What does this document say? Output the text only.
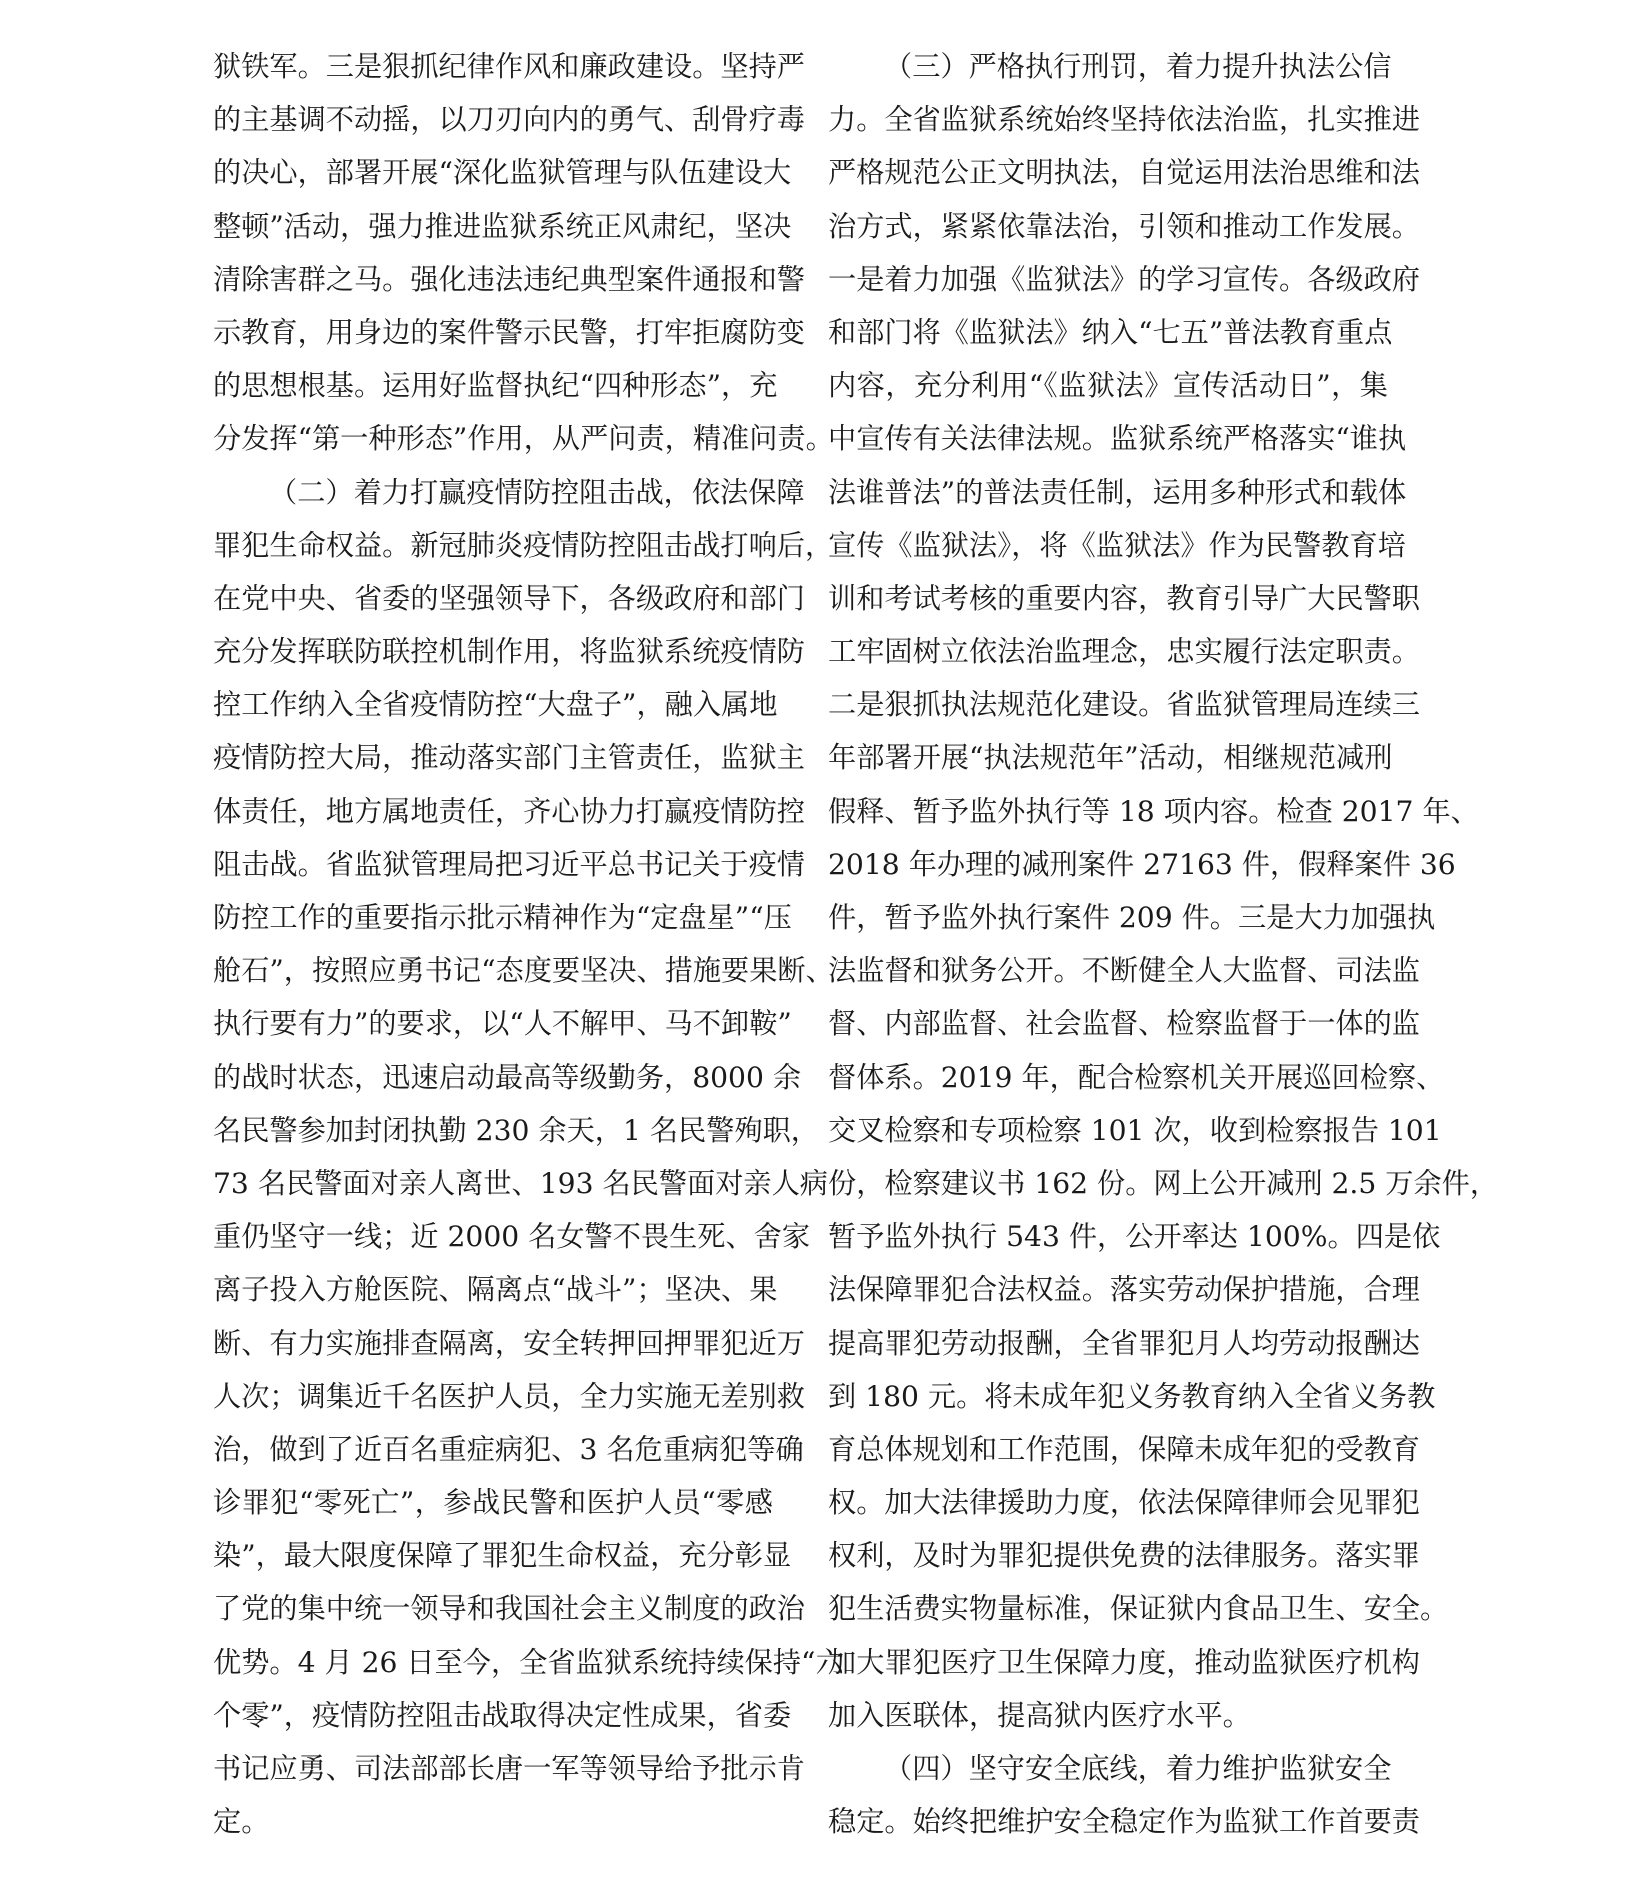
狱铁军。三是狠抓纪律作风和廉政建设。坚持严
的主基调不动摇，以刀刃向内的勇气、刮骨疗毒
的决心，部署开展“深化监狱管理与队伍建设大
整顿”活动，强力推进监狱系统正风肃纪，坚决
清除害群之马。强化违法违纪典型案件通报和警
示教育，用身边的案件警示民警，打牢拒腐防变
的思想根基。运用好监督执纪“四种形态”，充
分发挥“第一种形态”作用，从严问责，精准问责。
（二）着力打赢疫情防控阻击战，依法保障
罪犯生命权益。新冠肺炎疫情防控阻击战打响后，
在党中央、省委的坚强领导下，各级政府和部门
充分发挥联防联控机制作用，将监狱系统疫情防
控工作纳入全省疫情防控“大盘子”，融入属地
疫情防控大局，推动落实部门主管责任，监狱主
体责任，地方属地责任，齐心协力打赢疫情防控
阻击战。省监狱管理局把习近平总书记关于疫情
防控工作的重要指示批示精神作为“定盘星”“压
舱石”，按照应勇书记“态度要坚决、措施要果断、
执行要有力”的要求，以“人不解甲、马不卸鞍”
的战时状态，迅速启动最高等级勤务，8000 余
名民警参加封闭执勤 230 余天，1 名民警殉职，
73 名民警面对亲人离世、193 名民警面对亲人病
重仍坚守一线；近 2000 名女警不畏生死、舍家
离子投入方舱医院、隔离点“战斗”；坚决、果
断、有力实施排查隔离，安全转押回押罪犯近万
人次；调集近千名医护人员，全力实施无差别救
治，做到了近百名重症病犯、3 名危重病犯等确
诊罪犯“零死亡”，参战民警和医护人员“零感
染”，最大限度保障了罪犯生命权益，充分彰显
了党的集中统一领导和我国社会主义制度的政治
优势。4 月 26 日至今，全省监狱系统持续保持“六
个零”，疫情防控阻击战取得决定性成果，省委
书记应勇、司法部部长唐一军等领导给予批示肯
定。
（三）严格执行刑罚，着力提升执法公信
力。全省监狱系统始终坚持依法治监，扎实推进
严格规范公正文明执法，自觉运用法治思维和法
治方式，紧紧依靠法治，引领和推动工作发展。
一是着力加强《监狱法》的学习宣传。各级政府
和部门将《监狱法》纳入“七五”普法教育重点
内容，充分利用“《监狱法》宣传活动日”，集
中宣传有关法律法规。监狱系统严格落实“谁执
法谁普法”的普法责任制，运用多种形式和载体
宣传《监狱法》，将《监狱法》作为民警教育培
训和考试考核的重要内容，教育引导广大民警职
工牢固树立依法治监理念，忠实履行法定职责。
二是狠抓执法规范化建设。省监狱管理局连续三
年部署开展“执法规范年”活动，相继规范减刑
假释、暂予监外执行等 18 项内容。检查 2017 年、
2018 年办理的减刑案件 27163 件，假释案件 36
件，暂予监外执行案件 209 件。三是大力加强执
法监督和狱务公开。不断健全人大监督、司法监
督、内部监督、社会监督、检察监督于一体的监
督体系。2019 年，配合检察机关开展巡回检察、
交叉检察和专项检察 101 次，收到检察报告 101
份，检察建议书 162 份。网上公开减刑 2.5 万余件，
暂予监外执行 543 件，公开率达 100%。四是依
法保障罪犯合法权益。落实劳动保护措施，合理
提高罪犯劳动报酬，全省罪犯月人均劳动报酬达
到 180 元。将未成年犯义务教育纳入全省义务教
育总体规划和工作范围，保障未成年犯的受教育
权。加大法律援助力度，依法保障律师会见罪犯
权利，及时为罪犯提供免费的法律服务。落实罪
犯生活费实物量标准，保证狱内食品卫生、安全。
加大罪犯医疗卫生保障力度，推动监狱医疗机构
加入医联体，提高狱内医疗水平。
（四）坚守安全底线，着力维护监狱安全
稳定。始终把维护安全稳定作为监狱工作首要责
